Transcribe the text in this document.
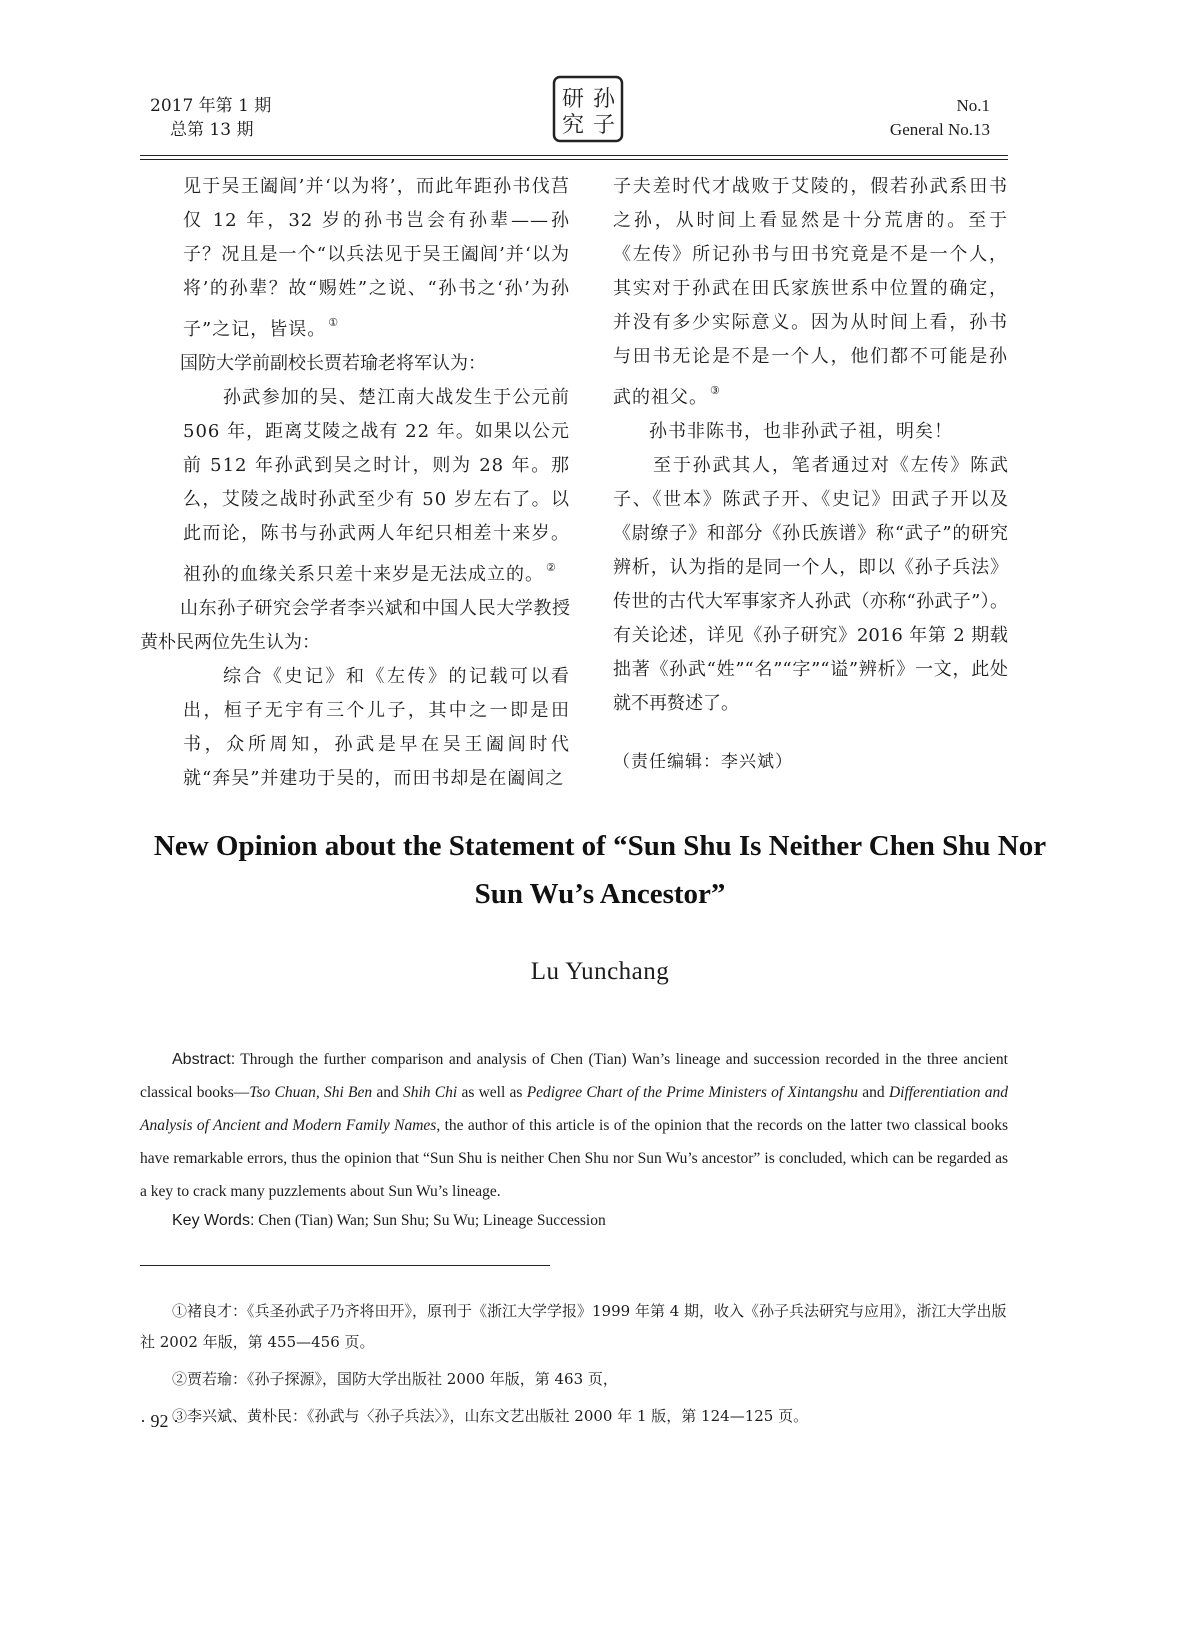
2017 年第 1 期
总第 13 期
孙
子
研
究
No.1
General No.13

见于吴王阖闾’并‘以为将’，而此年距孙书伐莒仅 12 年，32 岁的孙书岂会有孙辈——孙子？况且是一个“以兵法见于吴王阖闾’并‘以为将’的孙辈？故“赐姓”之说、“孙书之‘孙’为孙子”之记，皆误。 ①

国防大学前副校长贾若瑜老将军认为：

孙武参加的吴、楚江南大战发生于公元前 506 年，距离艾陵之战有 22 年。如果以公元前 512 年孙武到吴之时计，则为 28 年。那么，艾陵之战时孙武至少有 50 岁左右了。以此而论，陈书与孙武两人年纪只相差十来岁。祖孙的血缘关系只差十来岁是无法成立的。 ②

山东孙子研究会学者李兴斌和中国人民大学教授黄朴民两位先生认为：

综合《史记》和《左传》的记载可以看出，桓子无宇有三个儿子，其中之一即是田书，众所周知，孙武是早在吴王阖闾时代就“奔吴”并建功于吴的，而田书却是在阖闾之

子夫差时代才战败于艾陵的，假若孙武系田书之孙，从时间上看显然是十分荒唐的。至于《左传》所记孙书与田书究竟是不是一个人，其实对于孙武在田氏家族世系中位置的确定，并没有多少实际意义。因为从时间上看，孙书与田书无论是不是一个人，他们都不可能是孙武的祖父。 ③

孙书非陈书，也非孙武子祖，明矣！

至于孙武其人，笔者通过对《左传》陈武子、《世本》陈武子开、《史记》田武子开以及《尉缭子》和部分《孙氏族谱》称“武子”的研究辨析，认为指的是同一个人，即以《孙子兵法》传世的古代大军事家齐人孙武（亦称“孙武子”）。有关论述，详见《孙子研究》2016 年第 2 期载拙著《孙武“姓”“名”“字”“谥”辨析》一文，此处就不再赘述了。

（责任编辑：李兴斌）

New Opinion about the Statement of “Sun Shu Is Neither Chen Shu Nor
Sun Wu’s Ancestor”
Lu Yunchang
Abstract: Through the further comparison and analysis of Chen (Tian) Wan’s lineage and succession recorded in the three ancient classical books—Tso Chuan, Shi Ben and Shih Chi as well as Pedigree Chart of the Prime Ministers of Xintangshu and Differentiation and Analysis of Ancient and Modern Family Names, the author of this article is of the opinion that the records on the latter two classical books have remarkable errors, thus the opinion that “Sun Shu is neither Chen Shu nor Sun Wu’s ancestor” is concluded, which can be regarded as a key to crack many puzzlements about Sun Wu’s lineage.
Key Words: Chen (Tian) Wan; Sun Shu; Su Wu; Lineage Succession

①褚良才：《兵圣孙武子乃齐将田开》，原刊于《浙江大学学报》1999 年第 4 期，收入《孙子兵法研究与应用》，浙江大学出版社 2002 年版，第 455—456 页。

②贾若瑜：《孙子探源》，国防大学出版社 2000 年版，第 463 页，

③李兴斌、黄朴民：《孙武与〈孙子兵法〉》，山东文艺出版社 2000 年 1 版，第 124—125 页。

· 92 ·
